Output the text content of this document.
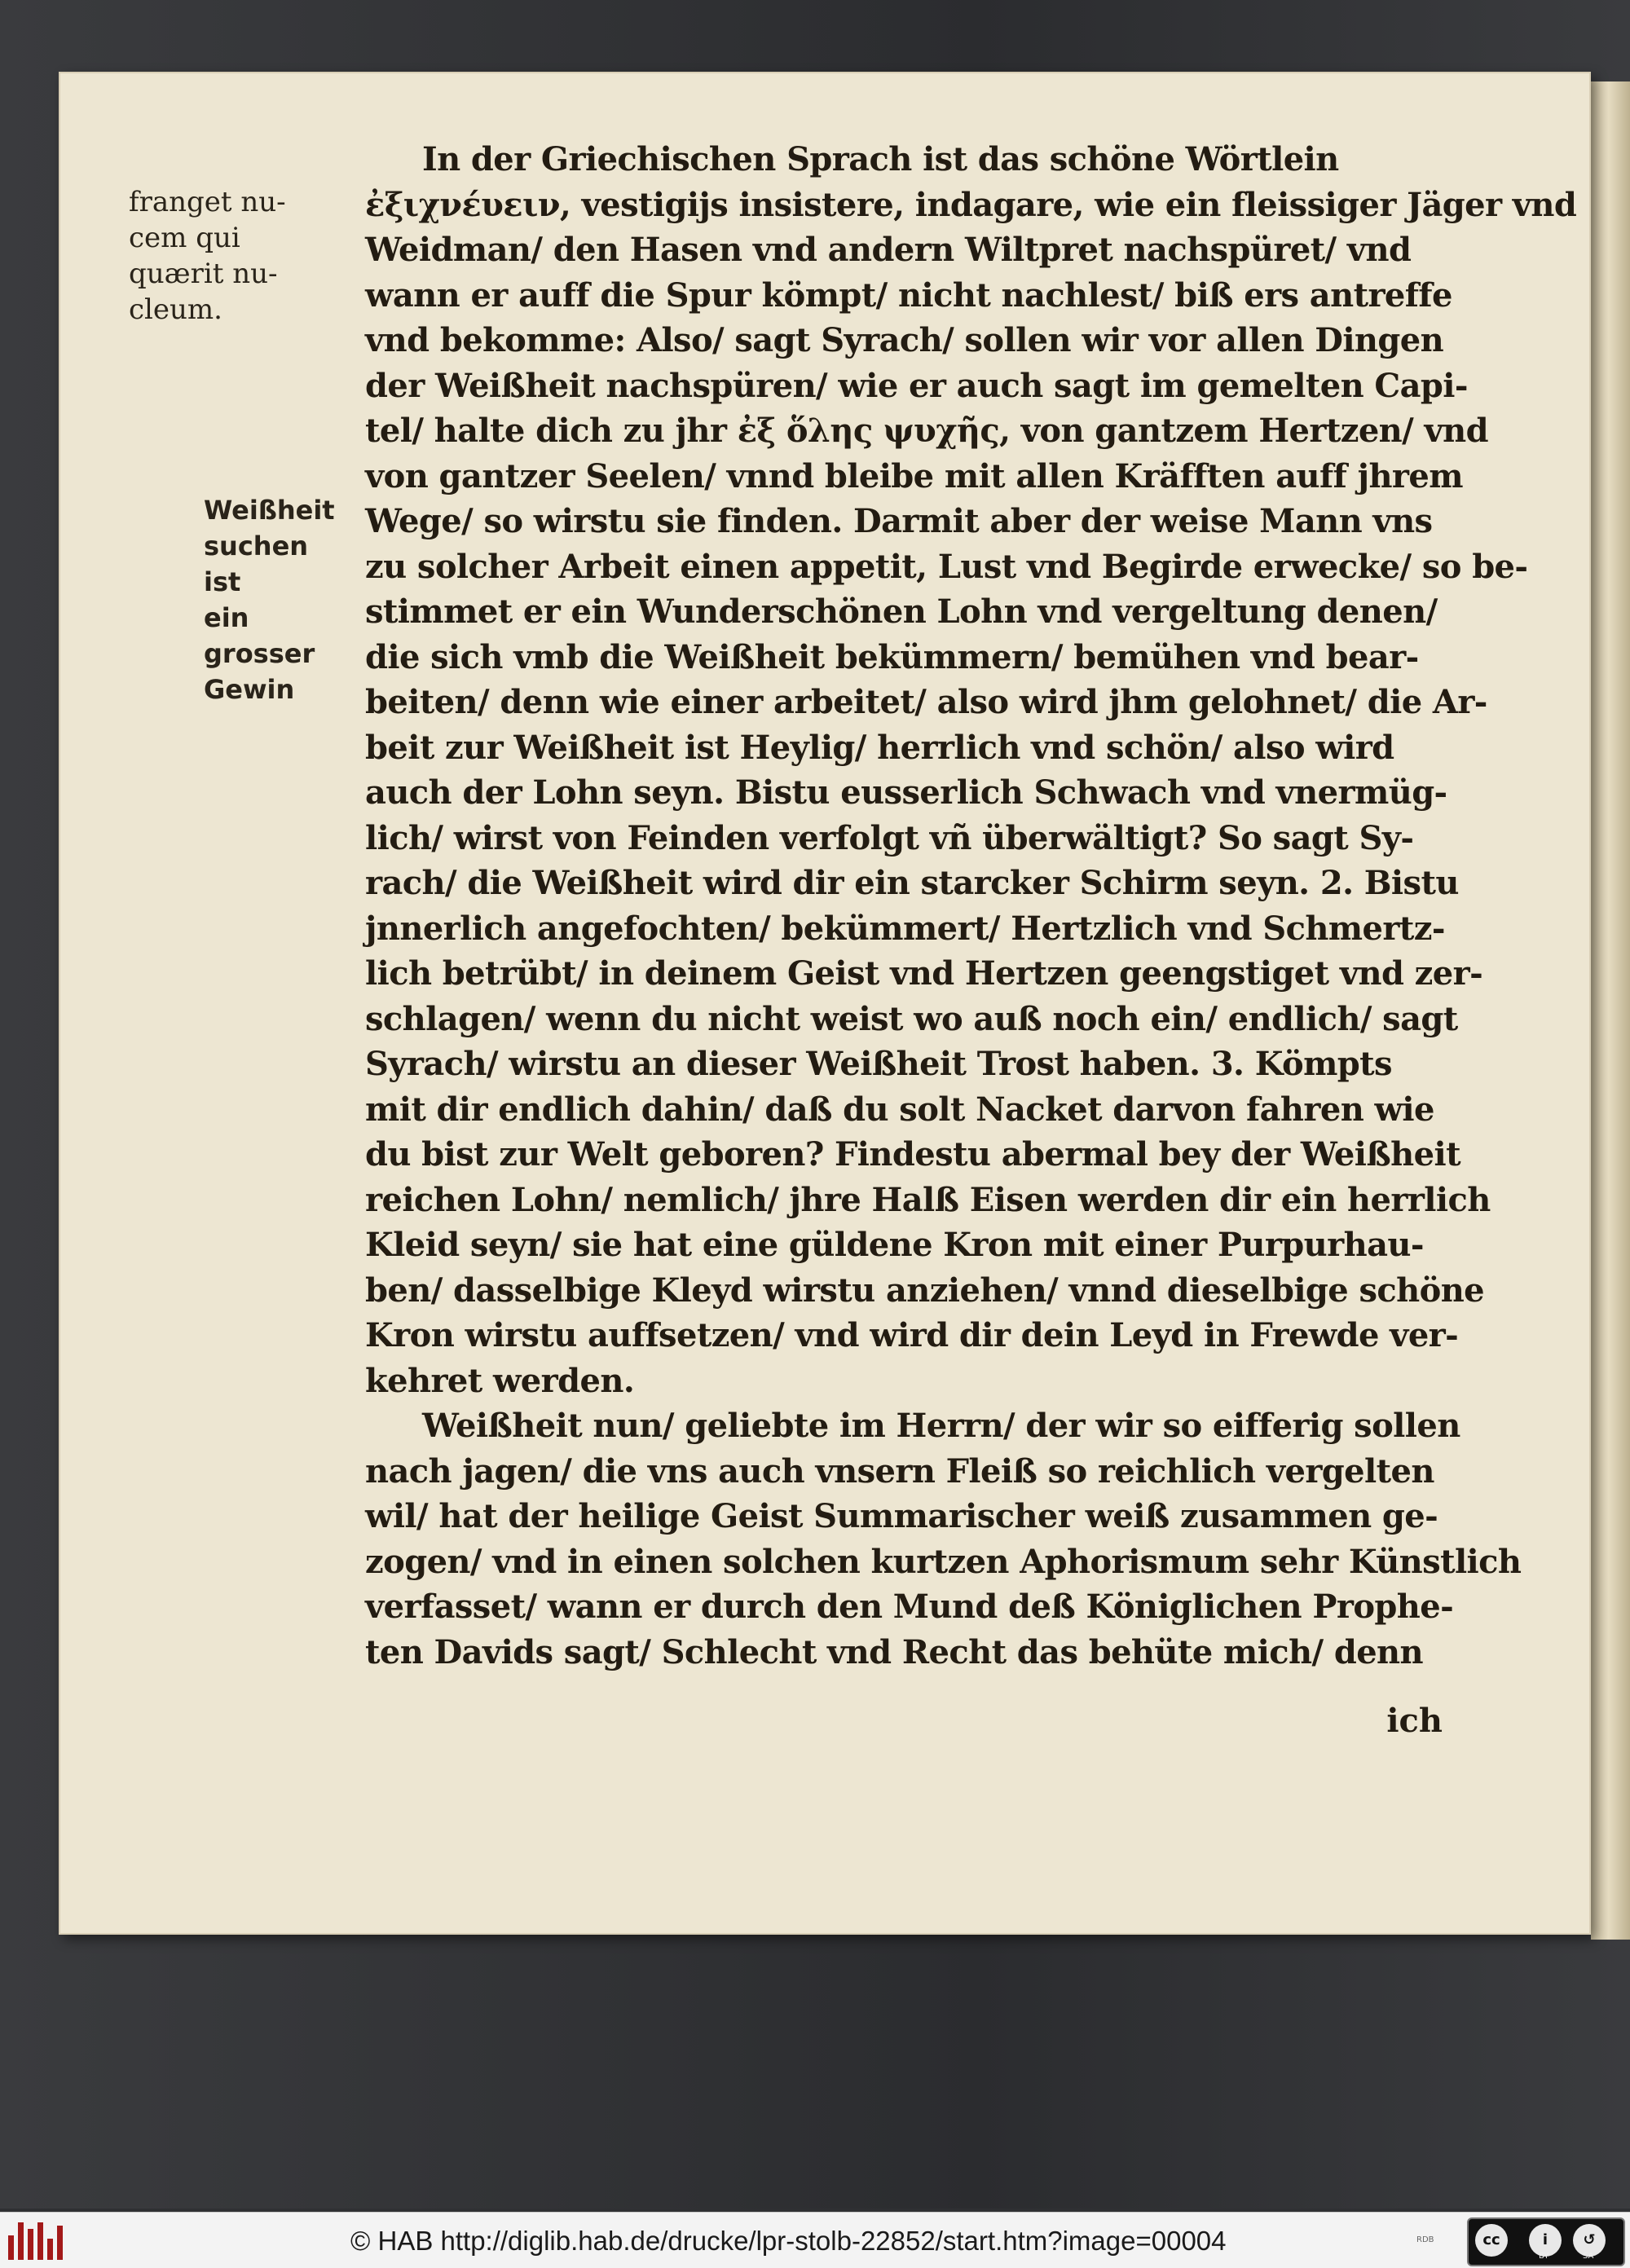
franget nu-
cem qui
quærit nu-
cleum.
Weißheit
suchen ist
ein grosser
Gewin
In der Griechischen Sprach ist das schöne Wörtlein
ἐξιχνέυειν, vestigijs insistere, indagare, wie ein fleissiger Jäger vnd
Weidman/ den Hasen vnd andern Wiltpret nachspüret/ vnd
wann er auff die Spur kömpt/ nicht nachlest/ biß ers antreffe
vnd bekomme: Also/ sagt Syrach/ sollen wir vor allen Dingen
der Weißheit nachspüren/ wie er auch sagt im gemelten Capi-
tel/ halte dich zu jhr ἐξ ὅλης ψυχῆς, von gantzem Hertzen/ vnd
von gantzer Seelen/ vnnd bleibe mit allen Kräfften auff jhrem
Wege/ so wirstu sie finden. Darmit aber der weise Mann vns
zu solcher Arbeit einen appetit, Lust vnd Begirde erwecke/ so be-
stimmet er ein Wunderschönen Lohn vnd vergeltung denen/
die sich vmb die Weißheit bekümmern/ bemühen vnd bear-
beiten/ denn wie einer arbeitet/ also wird jhm gelohnet/ die Ar-
beit zur Weißheit ist Heylig/ herrlich vnd schön/ also wird
auch der Lohn seyn. Bistu eusserlich Schwach vnd vnermüg-
lich/ wirst von Feinden verfolgt vñ überwältigt? So sagt Sy-
rach/ die Weißheit wird dir ein starcker Schirm seyn. 2. Bistu
jnnerlich angefochten/ bekümmert/ Hertzlich vnd Schmertz-
lich betrübt/ in deinem Geist vnd Hertzen geengstiget vnd zer-
schlagen/ wenn du nicht weist wo auß noch ein/ endlich/ sagt
Syrach/ wirstu an dieser Weißheit Trost haben. 3. Kömpts
mit dir endlich dahin/ daß du solt Nacket darvon fahren wie
du bist zur Welt geboren? Findestu abermal bey der Weißheit
reichen Lohn/ nemlich/ jhre Halß Eisen werden dir ein herrlich
Kleid seyn/ sie hat eine güldene Kron mit einer Purpurhau-
ben/ dasselbige Kleyd wirstu anziehen/ vnnd dieselbige schöne
Kron wirstu auffsetzen/ vnd wird dir dein Leyd in Frewde ver-
kehret werden.
Weißheit nun/ geliebte im Herrn/ der wir so eifferig sollen
nach jagen/ die vns auch vnsern Fleiß so reichlich vergelten
wil/ hat der heilige Geist Summarischer weiß zusammen ge-
zogen/ vnd in einen solchen kurtzen Aphorismum sehr Künstlich
verfasset/ wann er durch den Mund deß Königlichen Prophe-
ten Davids sagt/ Schlecht vnd Recht das behüte mich/ denn
ich
© HAB http://diglib.hab.de/drucke/lpr-stolb-22852/start.htm?image=00004	RDB	cc	i	↺
BY	SA
